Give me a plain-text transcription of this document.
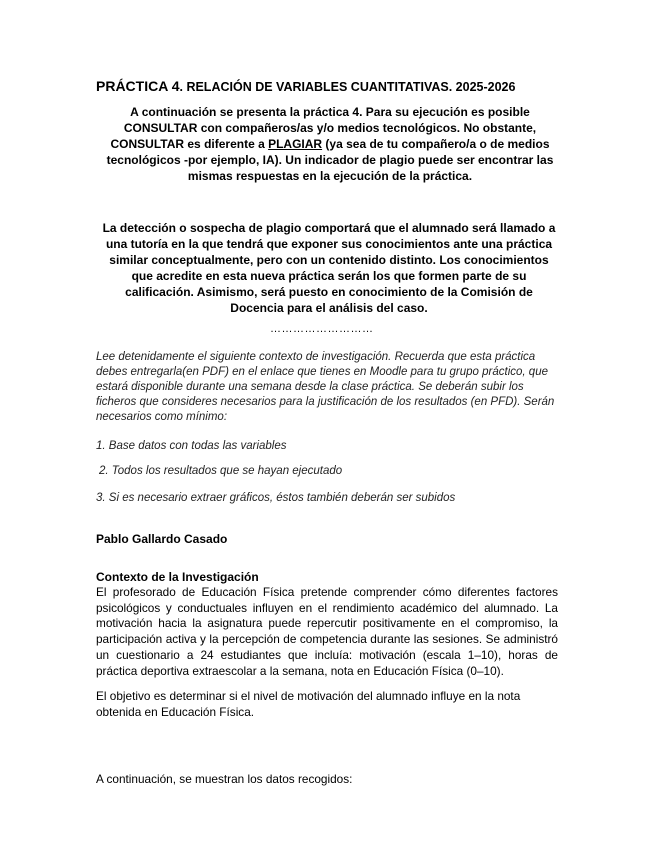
PRÁCTICA 4. RELACIÓN DE VARIABLES CUANTITATIVAS. 2025-2026
A continuación se presenta la práctica 4. Para su ejecución es posible CONSULTAR con compañeros/as y/o medios tecnológicos. No obstante, CONSULTAR es diferente a PLAGIAR (ya sea de tu compañero/a o de medios tecnológicos -por ejemplo, IA). Un indicador de plagio puede ser encontrar las mismas respuestas en la ejecución de la práctica.
La detección o sospecha de plagio comportará que el alumnado será llamado a una tutoría en la que tendrá que exponer sus conocimientos ante una práctica similar conceptualmente, pero con un contenido distinto. Los conocimientos que acredite en esta nueva práctica serán los que formen parte de su calificación. Asimismo, será puesto en conocimiento de la Comisión de Docencia para el análisis del caso.
………………………
Lee detenidamente el siguiente contexto de investigación. Recuerda que esta práctica debes entregarla(en PDF) en el enlace que tienes en Moodle para tu grupo práctico, que estará disponible durante una semana desde la clase práctica. Se deberán subir los ficheros que consideres necesarios para la justificación de los resultados (en PFD). Serán necesarios como mínimo:
1. Base datos con todas las variables
2. Todos los resultados que se hayan ejecutado
3. Si es necesario extraer gráficos, éstos también deberán ser subidos
Pablo Gallardo Casado
Contexto de la Investigación
El profesorado de Educación Física pretende comprender cómo diferentes factores psicológicos y conductuales influyen en el rendimiento académico del alumnado. La motivación hacia la asignatura puede repercutir positivamente en el compromiso, la participación activa y la percepción de competencia durante las sesiones. Se administró un cuestionario a 24 estudiantes que incluía: motivación (escala 1–10), horas de práctica deportiva extraescolar a la semana, nota en Educación Física (0–10).
El objetivo es determinar si el nivel de motivación del alumnado influye en la nota obtenida en Educación Física.
A continuación, se muestran los datos recogidos:
